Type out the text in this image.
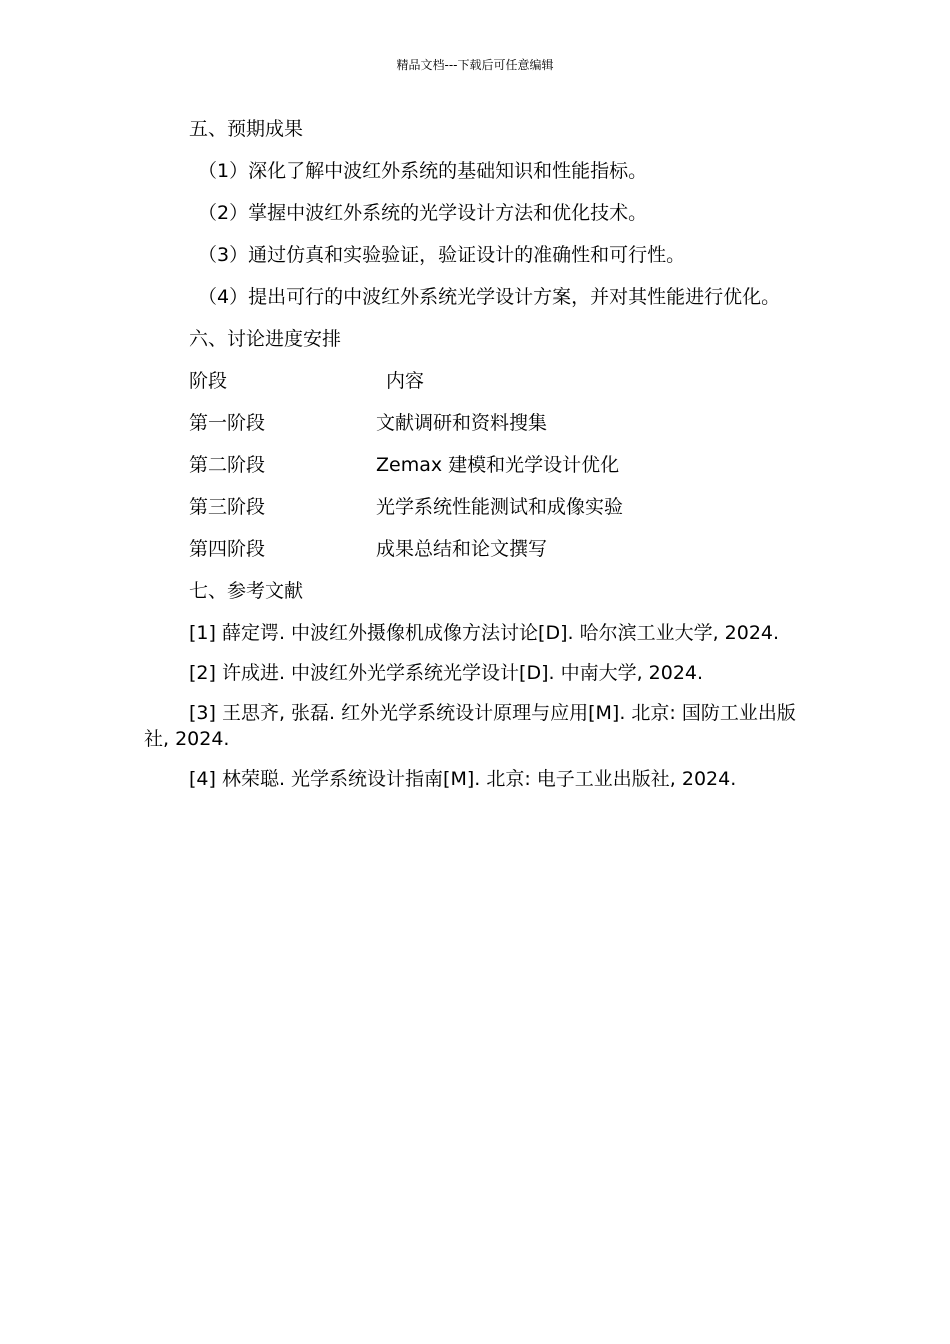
精品文档---下载后可任意编辑
五、预期成果
（1）深化了解中波红外系统的基础知识和性能指标。
（2）掌握中波红外系统的光学设计方法和优化技术。
（3）通过仿真和实验验证，验证设计的准确性和可行性。
（4）提出可行的中波红外系统光学设计方案，并对其性能进行优化。
六、讨论进度安排
阶段	内容
第一阶段	文献调研和资料搜集
第二阶段	Zemax 建模和光学设计优化
第三阶段	光学系统性能测试和成像实验
第四阶段	成果总结和论文撰写
七、参考文献
[1] 薛定谔. 中波红外摄像机成像方法讨论[D]. 哈尔滨工业大学, 2024.
[2] 许成进. 中波红外光学系统光学设计[D]. 中南大学, 2024.
[3] 王思齐, 张磊. 红外光学系统设计原理与应用[M]. 北京: 国防工业出版社, 2024.
[4] 林荣聪. 光学系统设计指南[M]. 北京: 电子工业出版社, 2024.
